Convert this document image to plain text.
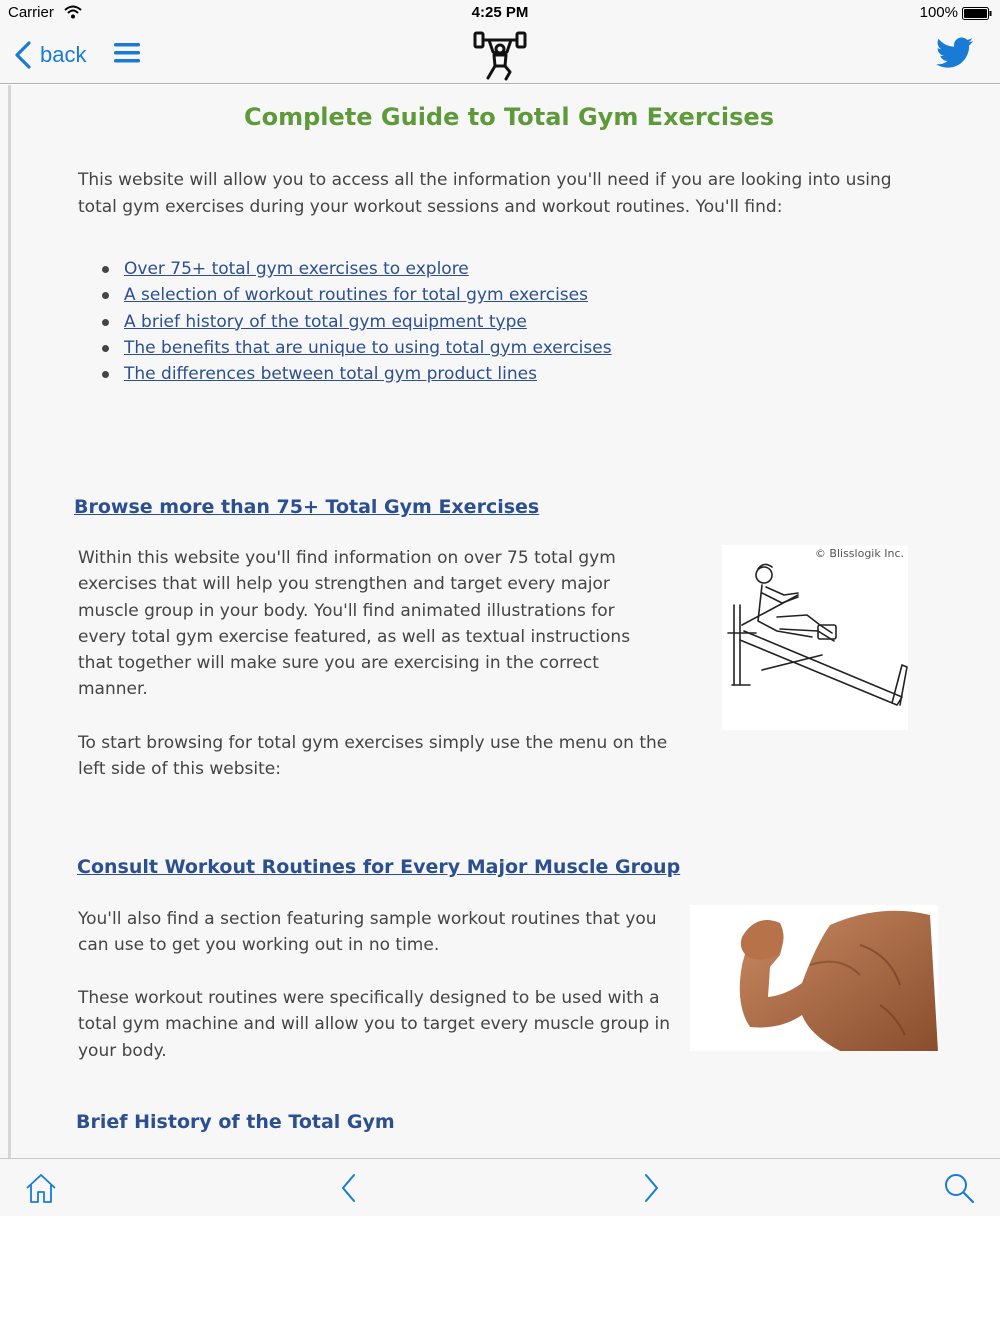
Carrier	4:25 PM	100%
back
Complete Guide to Total Gym Exercises

This website will allow you to access all the information you'll need if you are looking into using total gym exercises during your workout sessions and workout routines. You'll find:

Over 75+ total gym exercises to explore
A selection of workout routines for total gym exercises
A brief history of the total gym equipment type
The benefits that are unique to using total gym exercises
The differences between total gym product lines
Browse more than 75+ Total Gym Exercises

Within this website you'll find information on over 75 total gym exercises that will help you strengthen and target every major muscle group in your body. You'll find animated illustrations for every total gym exercise featured, as well as textual instructions that together will make sure you are exercising in the correct manner.

To start browsing for total gym exercises simply use the menu on the left side of this website:

© Blisslogik Inc.
Consult Workout Routines for Every Major Muscle Group

You'll also find a section featuring sample workout routines that you can use to get you working out in no time.

These workout routines were specifically designed to be used with a total gym machine and will allow you to target every muscle group in your body.

Brief History of the Total Gym
